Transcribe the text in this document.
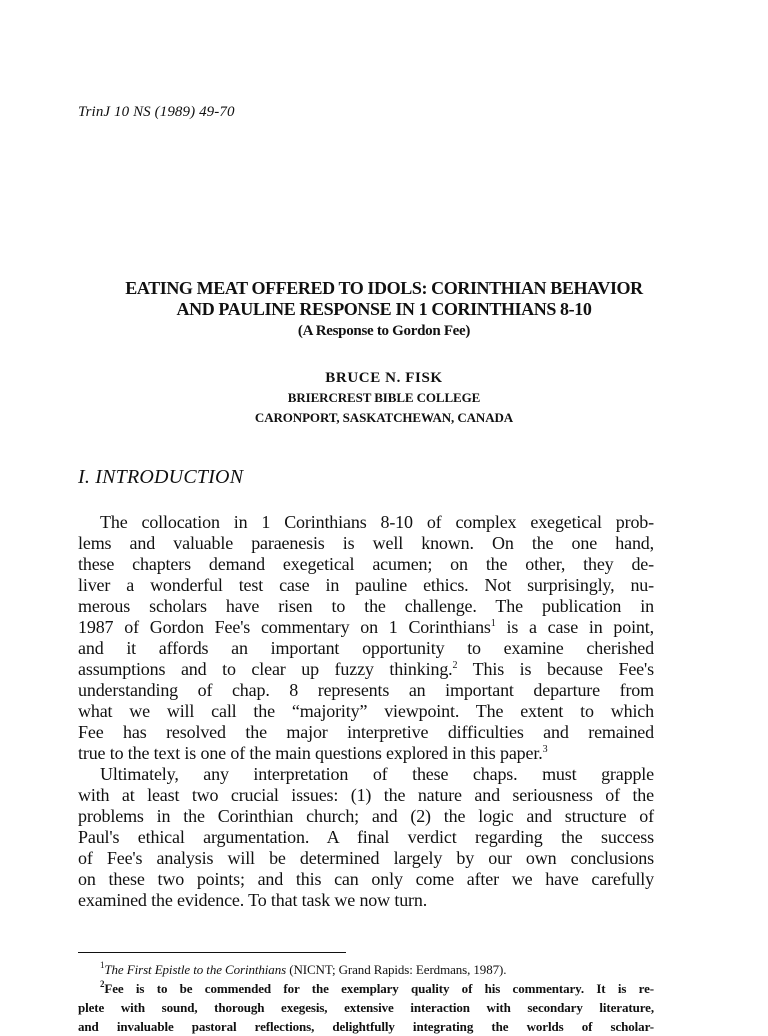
TrinJ 10 NS (1989) 49-70
EATING MEAT OFFERED TO IDOLS: CORINTHIAN BEHAVIOR
AND PAULINE RESPONSE IN 1 CORINTHIANS 8-10
(A Response to Gordon Fee)
BRUCE N. FISK
BRIERCREST BIBLE COLLEGE
CARONPORT, SASKATCHEWAN, CANADA
I. INTRODUCTION
The collocation in 1 Corinthians 8-10 of complex exegetical prob-
lems and valuable paraenesis is well known. On the one hand,
these chapters demand exegetical acumen; on the other, they de-
liver a wonderful test case in pauline ethics. Not surprisingly, nu-
merous scholars have risen to the challenge. The publication in
1987 of Gordon Fee's commentary on 1 Corinthians$^1$ is a case in point,
and it affords an important opportunity to examine cherished
assumptions and to clear up fuzzy thinking.$^2$ This is because Fee's
understanding of chap. 8 represents an important departure from
what we will call the “majority” viewpoint. The extent to which
Fee has resolved the major interpretive difficulties and remained
true to the text is one of the main questions explored in this paper.$^3$
Ultimately, any interpretation of these chaps. must grapple
with at least two crucial issues: (1) the nature and seriousness of the
problems in the Corinthian church; and (2) the logic and structure of
Paul's ethical argumentation. A final verdict regarding the success
of Fee's analysis will be determined largely by our own conclusions
on these two points; and this can only come after we have carefully
examined the evidence. To that task we now turn.
$^1$The First Epistle to the Corinthians (NICNT; Grand Rapids: Eerdmans, 1987).
$^2$Fee is to be commended for the exemplary quality of his commentary. It is re-
plete with sound, thorough exegesis, extensive interaction with secondary literature,
and invaluable pastoral reflections, delightfully integrating the worlds of scholar-
